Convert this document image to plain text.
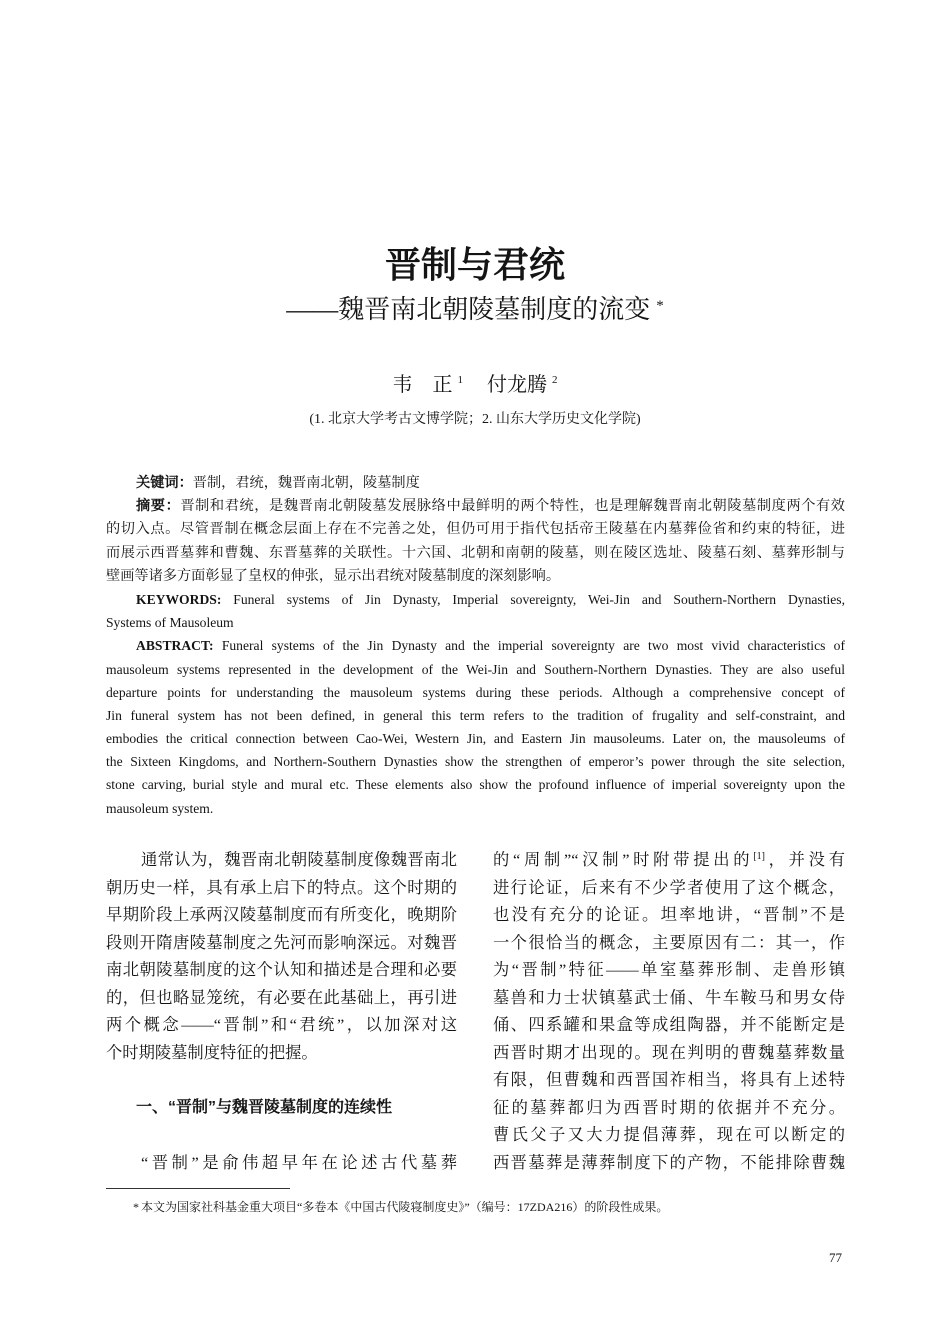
晋制与君统
——魏晋南北朝陵墓制度的流变 *
韦　正 $^1$ 付龙腾 $^2$
(1. 北京大学考古文博学院；2. 山东大学历史文化学院)
关键词：晋制，君统，魏晋南北朝，陵墓制度
摘要：晋制和君统，是魏晋南北朝陵墓发展脉络中最鲜明的两个特性，也是理解魏晋南北朝陵墓制度两个有效
的切入点。尽管晋制在概念层面上存在不完善之处，但仍可用于指代包括帝王陵墓在内墓葬俭省和约束的特征，进
而展示西晋墓葬和曹魏、东晋墓葬的关联性。十六国、北朝和南朝的陵墓，则在陵区选址、陵墓石刻、墓葬形制与
壁画等诸多方面彰显了皇权的伸张，显示出君统对陵墓制度的深刻影响。
KEYWORDS: Funeral systems of Jin Dynasty, Imperial sovereignty, Wei-Jin and Southern-Northern Dynasties,
Systems of Mausoleum
ABSTRACT: Funeral systems of the Jin Dynasty and the imperial sovereignty are two most vivid characteristics of
mausoleum systems represented in the development of the Wei-Jin and Southern-Northern Dynasties. They are also useful
departure points for understanding the mausoleum systems during these periods. Although a comprehensive concept of
Jin funeral system has not been defined, in general this term refers to the tradition of frugality and self-constraint, and
embodies the critical connection between Cao-Wei, Western Jin, and Eastern Jin mausoleums. Later on, the mausoleums of
the Sixteen Kingdoms, and Northern-Southern Dynasties show the strengthen of emperor’s power through the site selection,
stone carving, burial style and mural etc. These elements also show the profound influence of imperial sovereignty upon the
mausoleum system.
通常认为，魏晋南北朝陵墓制度像魏晋南北
朝历史一样，具有承上启下的特点。这个时期的
早期阶段上承两汉陵墓制度而有所变化，晚期阶
段则开隋唐陵墓制度之先河而影响深远。对魏晋
南北朝陵墓制度的这个认知和描述是合理和必要
的，但也略显笼统，有必要在此基础上，再引进
两个概念——“晋制”和“君统”，以加深对这
个时期陵墓制度特征的把握。
一、“晋制”与魏晋陵墓制度的连续性
“晋制”是俞伟超早年在论述古代墓葬
的“周制”“汉制”时附带提出的[1]，并没有
进行论证，后来有不少学者使用了这个概念，
也没有充分的论证。坦率地讲，“晋制”不是
一个很恰当的概念，主要原因有二：其一，作
为“晋制”特征——单室墓葬形制、走兽形镇
墓兽和力士状镇墓武士俑、牛车鞍马和男女侍
俑、四系罐和果盒等成组陶器，并不能断定是
西晋时期才出现的。现在判明的曹魏墓葬数量
有限，但曹魏和西晋国祚相当，将具有上述特
征的墓葬都归为西晋时期的依据并不充分。
曹氏父子又大力提倡薄葬，现在可以断定的
西晋墓葬是薄葬制度下的产物，不能排除曹魏
* 本文为国家社科基金重大项目“多卷本《中国古代陵寝制度史》”（编号：17ZDA216）的阶段性成果。
77
